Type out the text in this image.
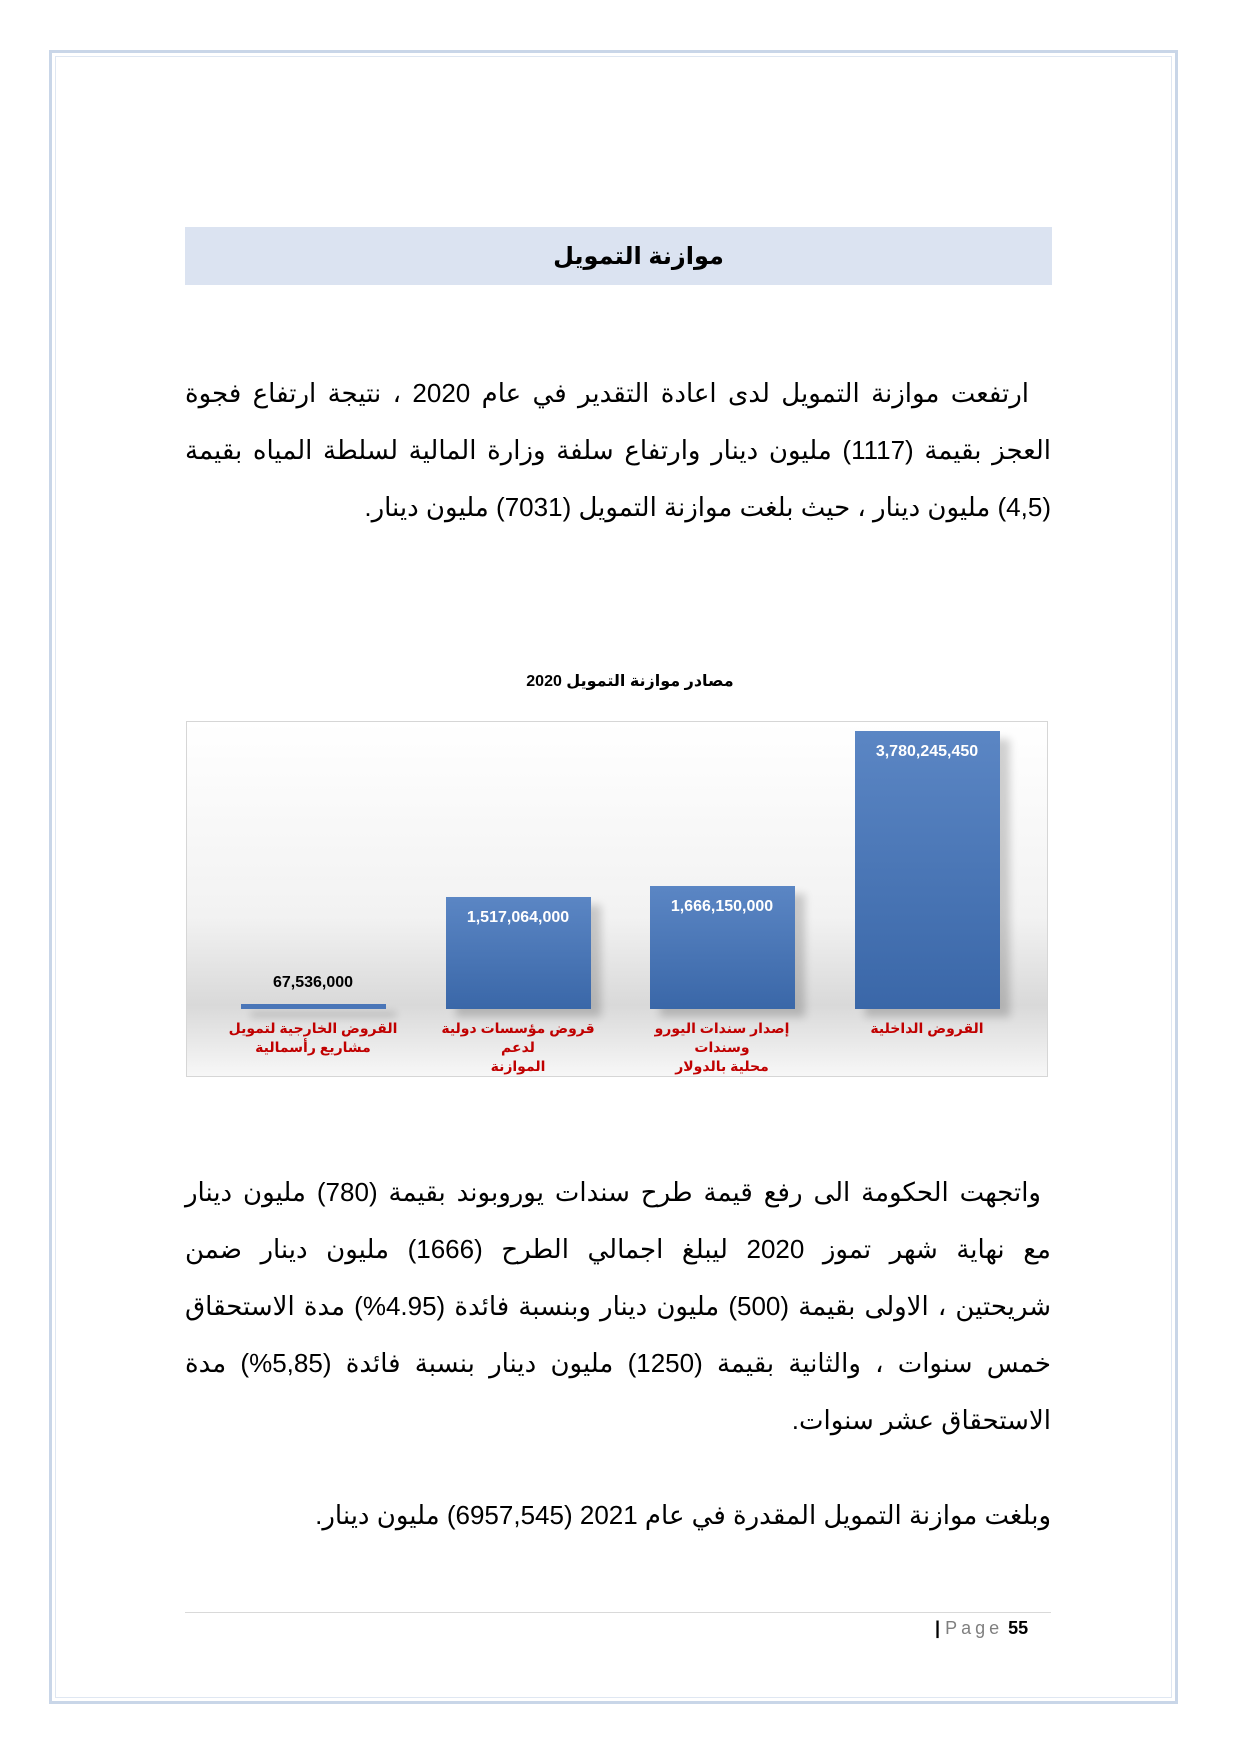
موازنة التمويل
ارتفعت موازنة التمويل لدى اعادة التقدير في عام 2020 ، نتيجة ارتفاع فجوة
العجز بقيمة (1117) مليون دينار وارتفاع سلفة وزارة المالية لسلطة المياه بقيمة
(4,5) مليون دينار ، حيث بلغت موازنة التمويل (7031) مليون دينار.
مصادر موازنة التمويل 2020
3,780,245,450
القروض الداخلية
1,666,150,000
إصدار سندات اليورو وسندات
محلية بالدولار
1,517,064,000
قروض مؤسسات دولية لدعم
الموازنة
67,536,000
القروض الخارجية لتمويل
مشاريع رأسمالية
واتجهت الحكومة الى رفع قيمة طرح سندات يوروبوند بقيمة (780) مليون دينار
مع نهاية شهر تموز 2020 ليبلغ اجمالي الطرح (1666) مليون دينار ضمن
شريحتين ، الاولى بقيمة (500) مليون دينار وبنسبة فائدة (4.95%) مدة الاستحقاق
خمس سنوات ، والثانية بقيمة (1250) مليون دينار بنسبة فائدة (5,85%) مدة
الاستحقاق عشر سنوات.
وبلغت موازنة التمويل المقدرة في عام 2021 (6957,545) مليون دينار.
| Page 55
